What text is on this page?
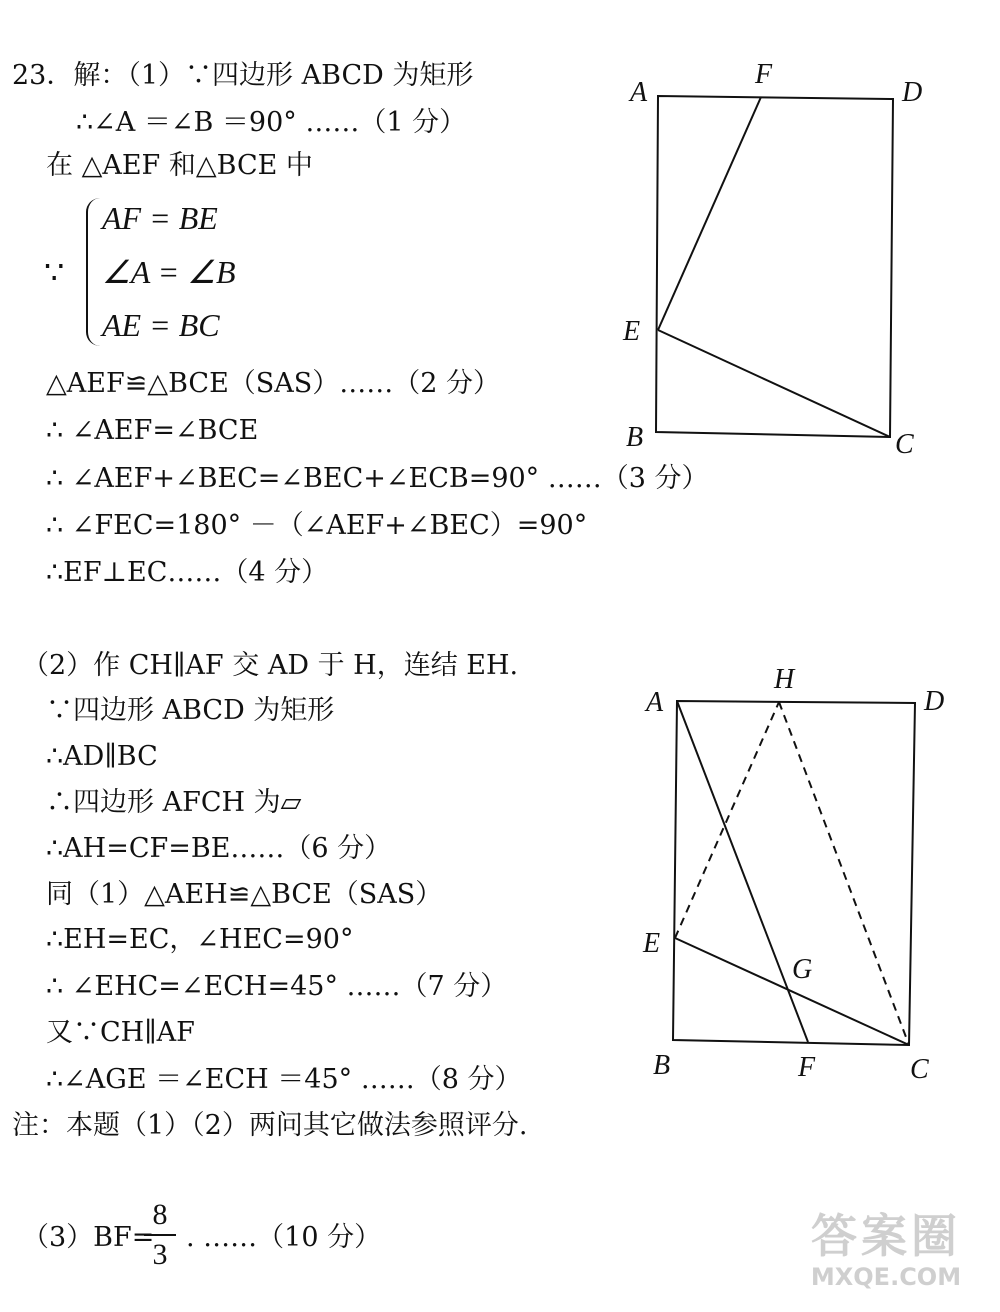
23．解：（1）∵四边形 ABCD 为矩形
∴∠A ＝∠B ＝90° ……（1 分）
在 △AEF 和△BCE 中
∵
AF = BE
∠A = ∠B
AE = BC
△AEF≌△BCE（SAS）……（2 分）
∴ ∠AEF=∠BCE
∴ ∠AEF+∠BEC=∠BEC+∠ECB=90° ……（3 分）
∴ ∠FEC=180° －（∠AEF+∠BEC）=90°
∴EF⊥EC……（4 分）
（2）作 CH∥AF 交 AD 于 H，连结 EH.
∵四边形 ABCD 为矩形
∴AD∥BC
∴四边形 AFCH 为▱
∴AH=CF=BE……（6 分）
同（1）△AEH≌△BCE（SAS）
∴EH=EC，∠HEC=90°
∴ ∠EHC=∠ECH=45° ……（7 分）
又∵CH∥AF
∴∠AGE ＝∠ECH ＝45° ……（8 分）
注：本题（1）（2）两问其它做法参照评分.
（3）BF=
8
3
. ……（10 分）
A
F
D
E
B	C
A
H
D
E
G
B	F	C
答案圈
MXQE.COM
